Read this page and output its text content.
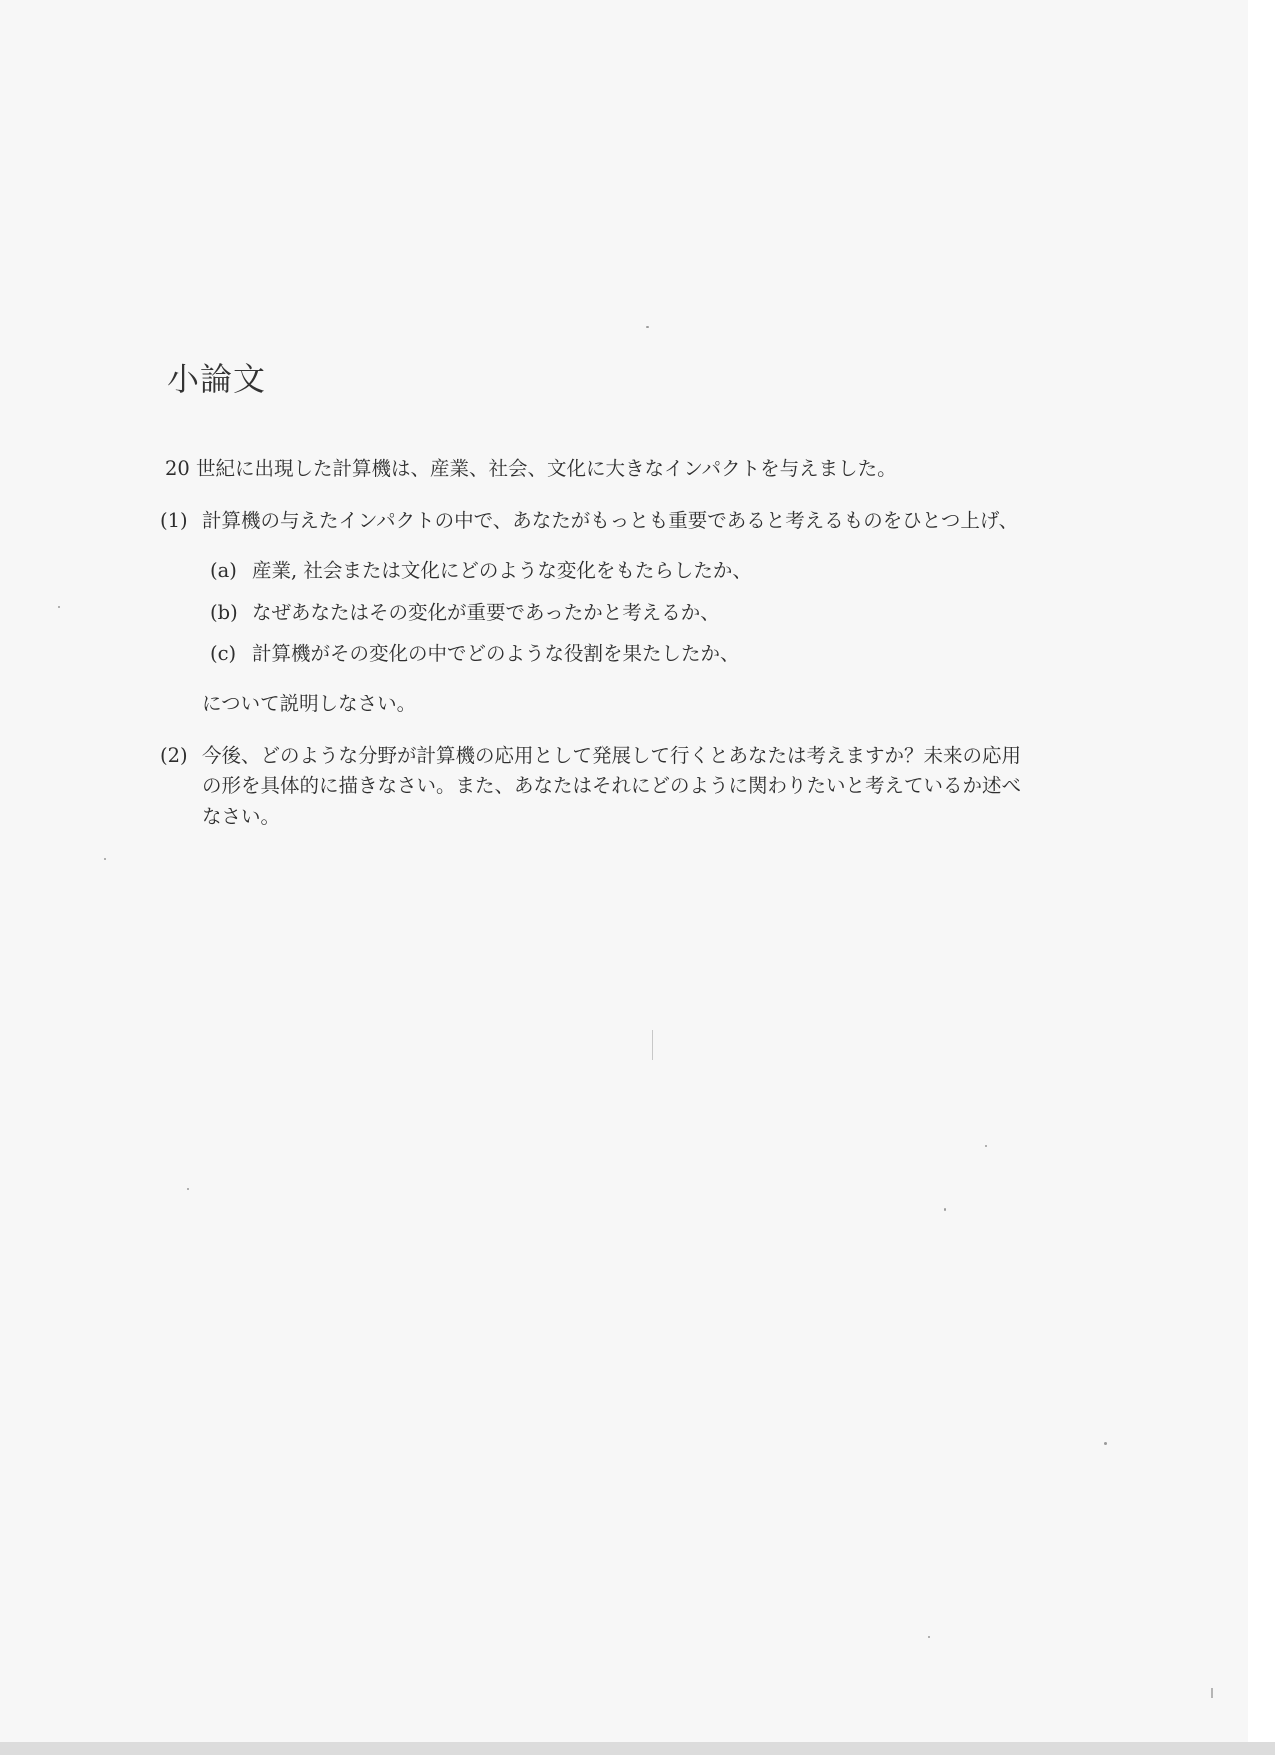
小論文
20 世紀に出現した計算機は、産業、社会、文化に大きなインパクトを与えました。
(1) 計算機の与えたインパクトの中で、あなたがもっとも重要であると考えるものをひとつ上げ、
(a) 産業, 社会または文化にどのような変化をもたらしたか、
(b) なぜあなたはその変化が重要であったかと考えるか、
(c) 計算機がその変化の中でどのような役割を果たしたか、
について説明しなさい。
(2) 今後、どのような分野が計算機の応用として発展して行くとあなたは考えますか？未来の応用
の形を具体的に描きなさい。また、あなたはそれにどのように関わりたいと考えているか述べ
なさい。
